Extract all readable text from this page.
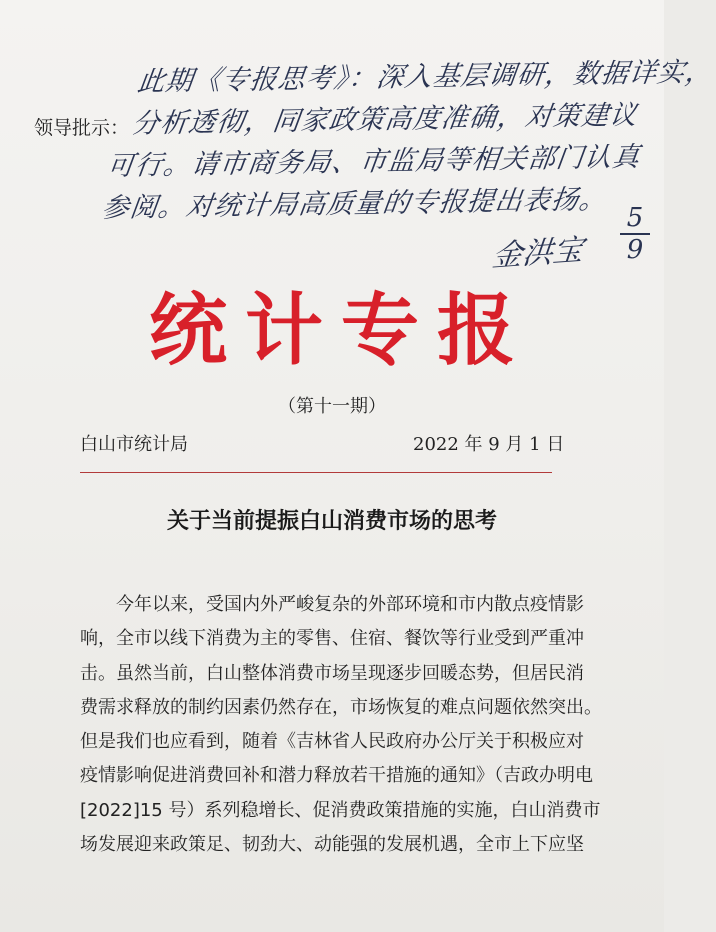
领导批示：
此期《专报思考》：深入基层调研，数据详实，
分析透彻，同家政策高度准确，对策建议
可行。请市商务局、市监局等相关部门认真
参阅。对统计局高质量的专报提出表扬。
金洪宝
5
9
统计专报
（第十一期）
白山市统计局	2022 年 9 月 1 日
关于当前提振白山消费市场的思考
今年以来，受国内外严峻复杂的外部环境和市内散点疫情影
响，全市以线下消费为主的零售、住宿、餐饮等行业受到严重冲
击。虽然当前，白山整体消费市场呈现逐步回暖态势，但居民消
费需求释放的制约因素仍然存在，市场恢复的难点问题依然突出。
但是我们也应看到，随着《吉林省人民政府办公厅关于积极应对
疫情影响促进消费回补和潜力释放若干措施的通知》（吉政办明电
[2022]15 号）系列稳增长、促消费政策措施的实施，白山消费市
场发展迎来政策足、韧劲大、动能强的发展机遇，全市上下应坚
